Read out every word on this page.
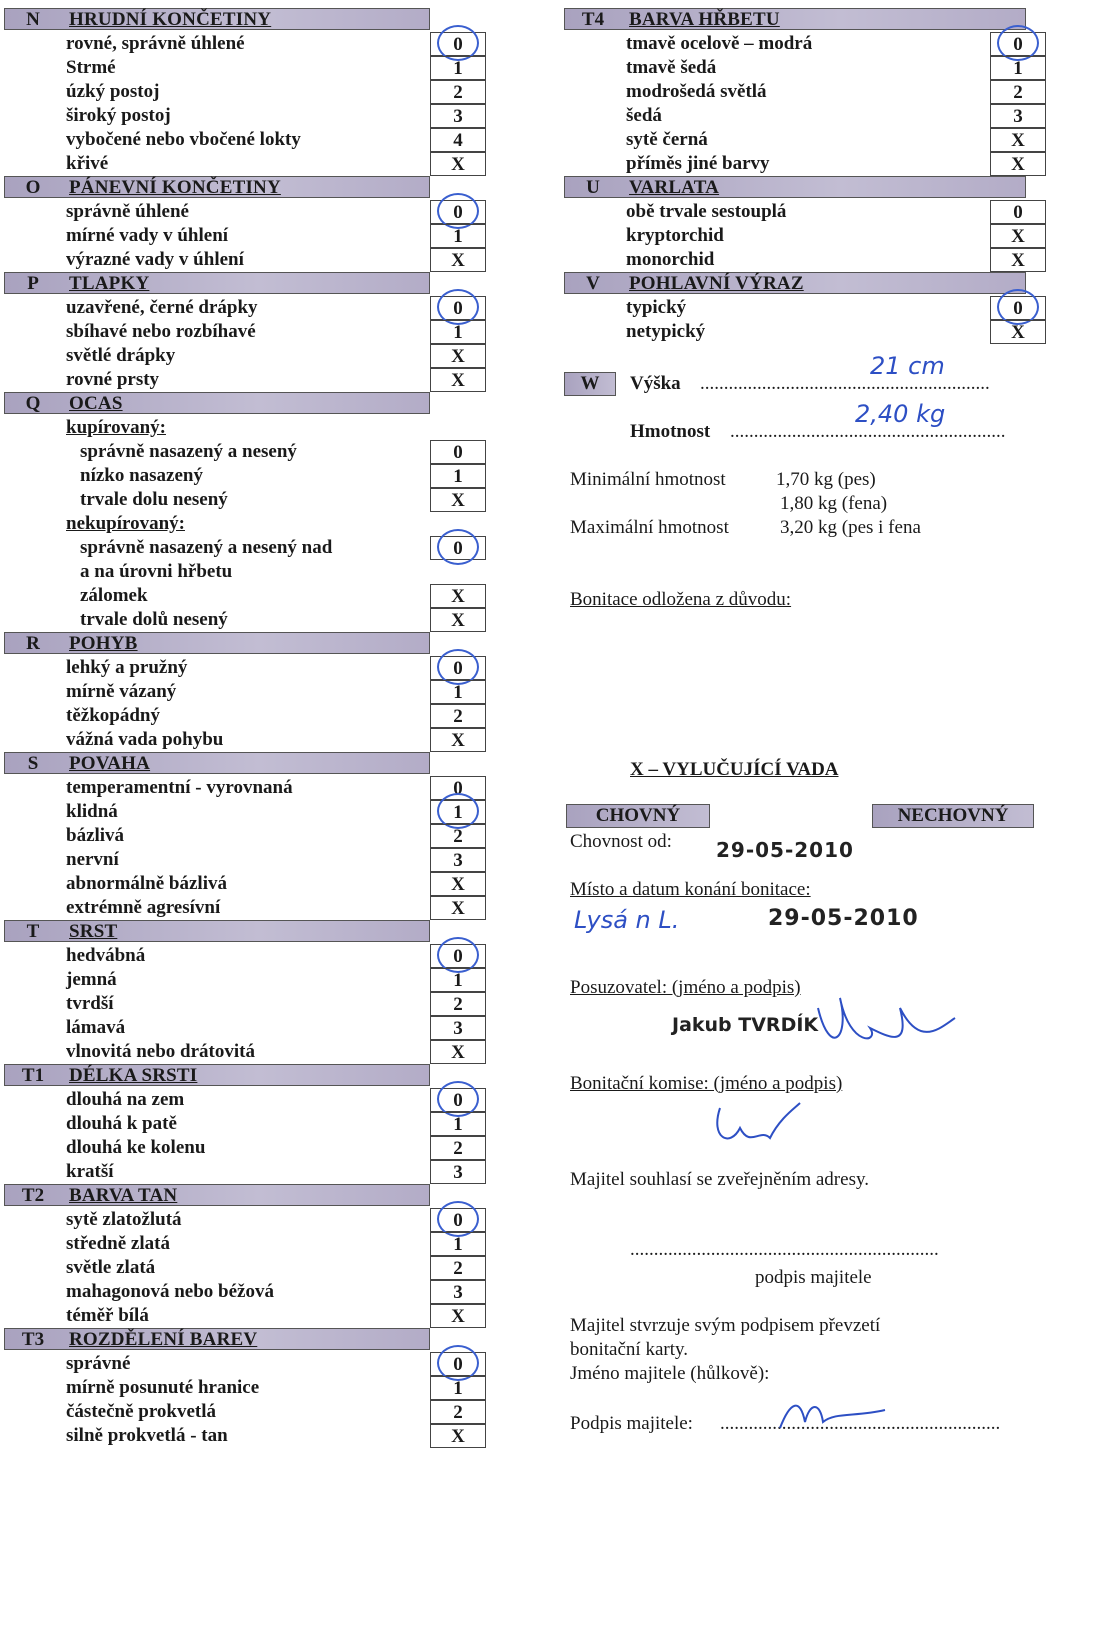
N	HRUDNÍ KONČETINY
rovné, správně úhlené	0
Strmé	1
úzký postoj	2
široký postoj	3
vybočené nebo vbočené lokty	4
křivé	X
O	PÁNEVNÍ KONČETINY
správně úhlené	0
mírné vady v úhlení	1
výrazné vady v úhlení	X
P	TLAPKY
uzavřené, černé drápky	0
sbíhavé nebo rozbíhavé	1
světlé drápky	X
rovné prsty	X
Q	OCAS
kupírovaný:
správně nasazený a nesený	0
nízko nasazený	1
trvale dolu nesený	X
nekupírovaný:
správně nasazený a nesený nad	0
a na úrovni hřbetu
zálomek	X
trvale dolů nesený	X
R	POHYB
lehký a pružný	0
mírně vázaný	1
těžkopádný	2
vážná vada pohybu	X
S	POVAHA
temperamentní - vyrovnaná	0
klidná	1
bázlivá	2
nervní	3
abnormálně bázlivá	X
extrémně agresívní	X
T	SRST
hedvábná	0
jemná	1
tvrdší	2
lámavá	3
vlnovitá nebo drátovitá	X
T1	DÉLKA SRSTI
dlouhá na zem	0
dlouhá k patě	1
dlouhá ke kolenu	2
kratší	3
T2	BARVA TAN
sytě zlatožlutá	0
středně zlatá	1
světle zlatá	2
mahagonová nebo béžová	3
téměř bílá	X
T3	ROZDĚLENÍ BAREV
správné	0
mírně posunuté hranice	1
částečně prokvetlá	2
silně prokvetlá - tan	X
T4	BARVA HŘBETU
tmavě ocelově – modrá	0
tmavě šedá	1
modrošedá světlá	2
šedá	3
sytě černá	X
příměs jiné barvy	X
U	VARLATA
obě trvale sestouplá	0
kryptorchid	X
monorchid	X
V	POHLAVNÍ VÝRAZ
typický	0
netypický	X
W	Výška .............................................................
21 cm
Hmotnost ..........................................................
2,40 kg
Minimální hmotnost	1,70 kg (pes)
1,80 kg (fena)
Maximální hmotnost	3,20 kg (pes i fena
Bonitace odložena z důvodu:
X – VYLUČUJÍCÍ VADA
CHOVNÝ	NECHOVNÝ
Chovnost od: 29-05-2010
Místo a datum konání bonitace:
Lysá n L.	29-05-2010
Posuzovatel: (jméno a podpis)
Jakub TVRDÍK
Bonitační komise: (jméno a podpis)
Majitel souhlasí se zveřejněním adresy.
.................................................................
podpis majitele
Majitel stvrzuje svým podpisem převzetí
bonitační karty.
Jméno majitele (hůlkově):
Podpis majitele: ...........................................................
